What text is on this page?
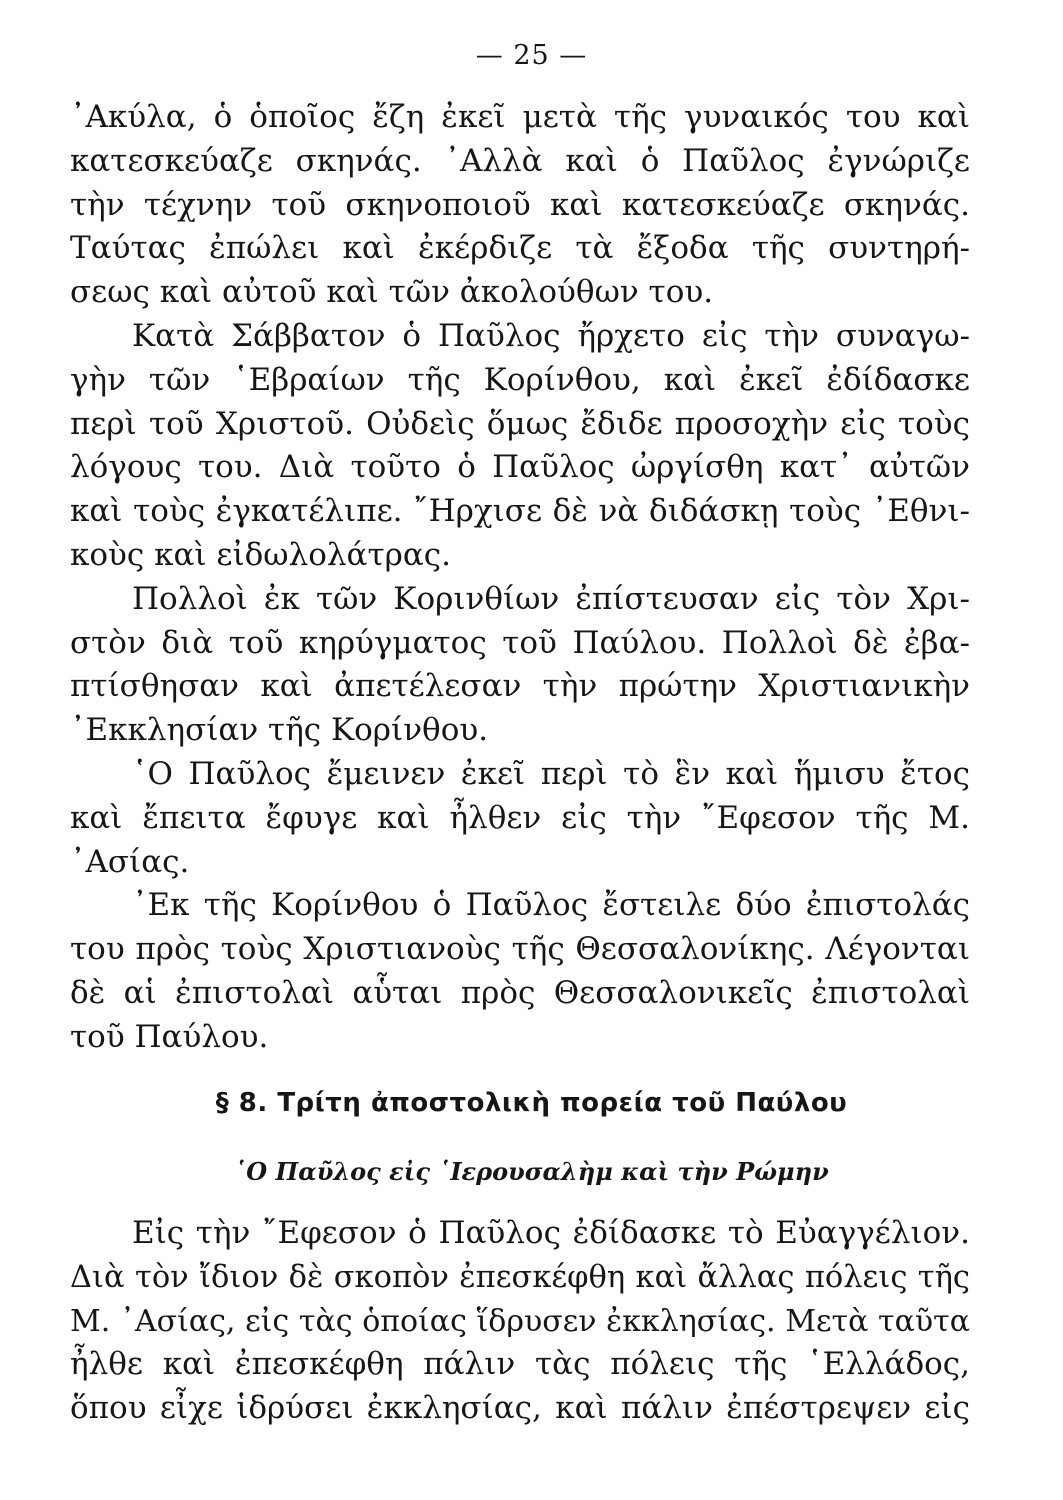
— 25 —
᾿Ακύλα, ὁ ὁποῖος ἔζη ἐκεῖ μετὰ τῆς γυναικός του καὶ
κατεσκεύαζε σκηνάς. ᾿Αλλὰ καὶ ὁ Παῦλος ἐγνώριζε
τὴν τέχνην τοῦ σκηνοποιοῦ καὶ κατεσκεύαζε σκηνάς.
Ταύτας ἐπώλει καὶ ἐκέρδιζε τὰ ἔξοδα τῆς συντηρή-
σεως καὶ αὐτοῦ καὶ τῶν ἀκολούθων του.
Κατὰ Σάββατον ὁ Παῦλος ἤρχετο εἰς τὴν συναγω-
γὴν τῶν ῾Εβραίων τῆς Κορίνθου, καὶ ἐκεῖ ἐδίδασκε
περὶ τοῦ Χριστοῦ. Οὐδεὶς ὅμως ἔδιδε προσοχὴν εἰς τοὺς
λόγους του. Διὰ τοῦτο ὁ Παῦλος ὠργίσθη κατ᾿ αὐτῶν
καὶ τοὺς ἐγκατέλιπε. ῎Ηρχισε δὲ νὰ διδάσκῃ τοὺς ᾿Εθνι-
κοὺς καὶ εἰδωλολάτρας.
Πολλοὶ ἐκ τῶν Κορινθίων ἐπίστευσαν εἰς τὸν Χρι-
στὸν διὰ τοῦ κηρύγματος τοῦ Παύλου. Πολλοὶ δὲ ἐβα-
πτίσθησαν καὶ ἀπετέλεσαν τὴν πρώτην Χριστιανικὴν
᾿Εκκλησίαν τῆς Κορίνθου.
῾Ο Παῦλος ἔμεινεν ἐκεῖ περὶ τὸ ἓν καὶ ἥμισυ ἔτος
καὶ ἔπειτα ἔφυγε καὶ ἦλθεν εἰς τὴν ῎Εφεσον τῆς Μ.
᾿Ασίας.
᾿Εκ τῆς Κορίνθου ὁ Παῦλος ἔστειλε δύο ἐπιστολάς
του πρὸς τοὺς Χριστιανοὺς τῆς Θεσσαλονίκης. Λέγονται
δὲ αἱ ἐπιστολαὶ αὗται πρὸς Θεσσαλονικεῖς ἐπιστολαὶ
τοῦ Παύλου.
§ 8. Τρίτη ἀποστολικὴ πορεία τοῦ Παύλου
῾Ο Παῦλος εἰς ῾Ιερουσαλὴμ καὶ τὴν Ρώμην
Εἰς τὴν ῎Εφεσον ὁ Παῦλος ἐδίδασκε τὸ Εὐαγγέλιον.
Διὰ τὸν ἴδιον δὲ σκοπὸν ἐπεσκέφθη καὶ ἄλλας πόλεις τῆς
Μ. ᾿Ασίας, εἰς τὰς ὁποίας ἵδρυσεν ἐκκλησίας. Μετὰ ταῦτα
ἦλθε καὶ ἐπεσκέφθη πάλιν τὰς πόλεις τῆς ῾Ελλάδος,
ὅπου εἶχε ἱδρύσει ἐκκλησίας, καὶ πάλιν ἐπέστρεψεν εἰς
